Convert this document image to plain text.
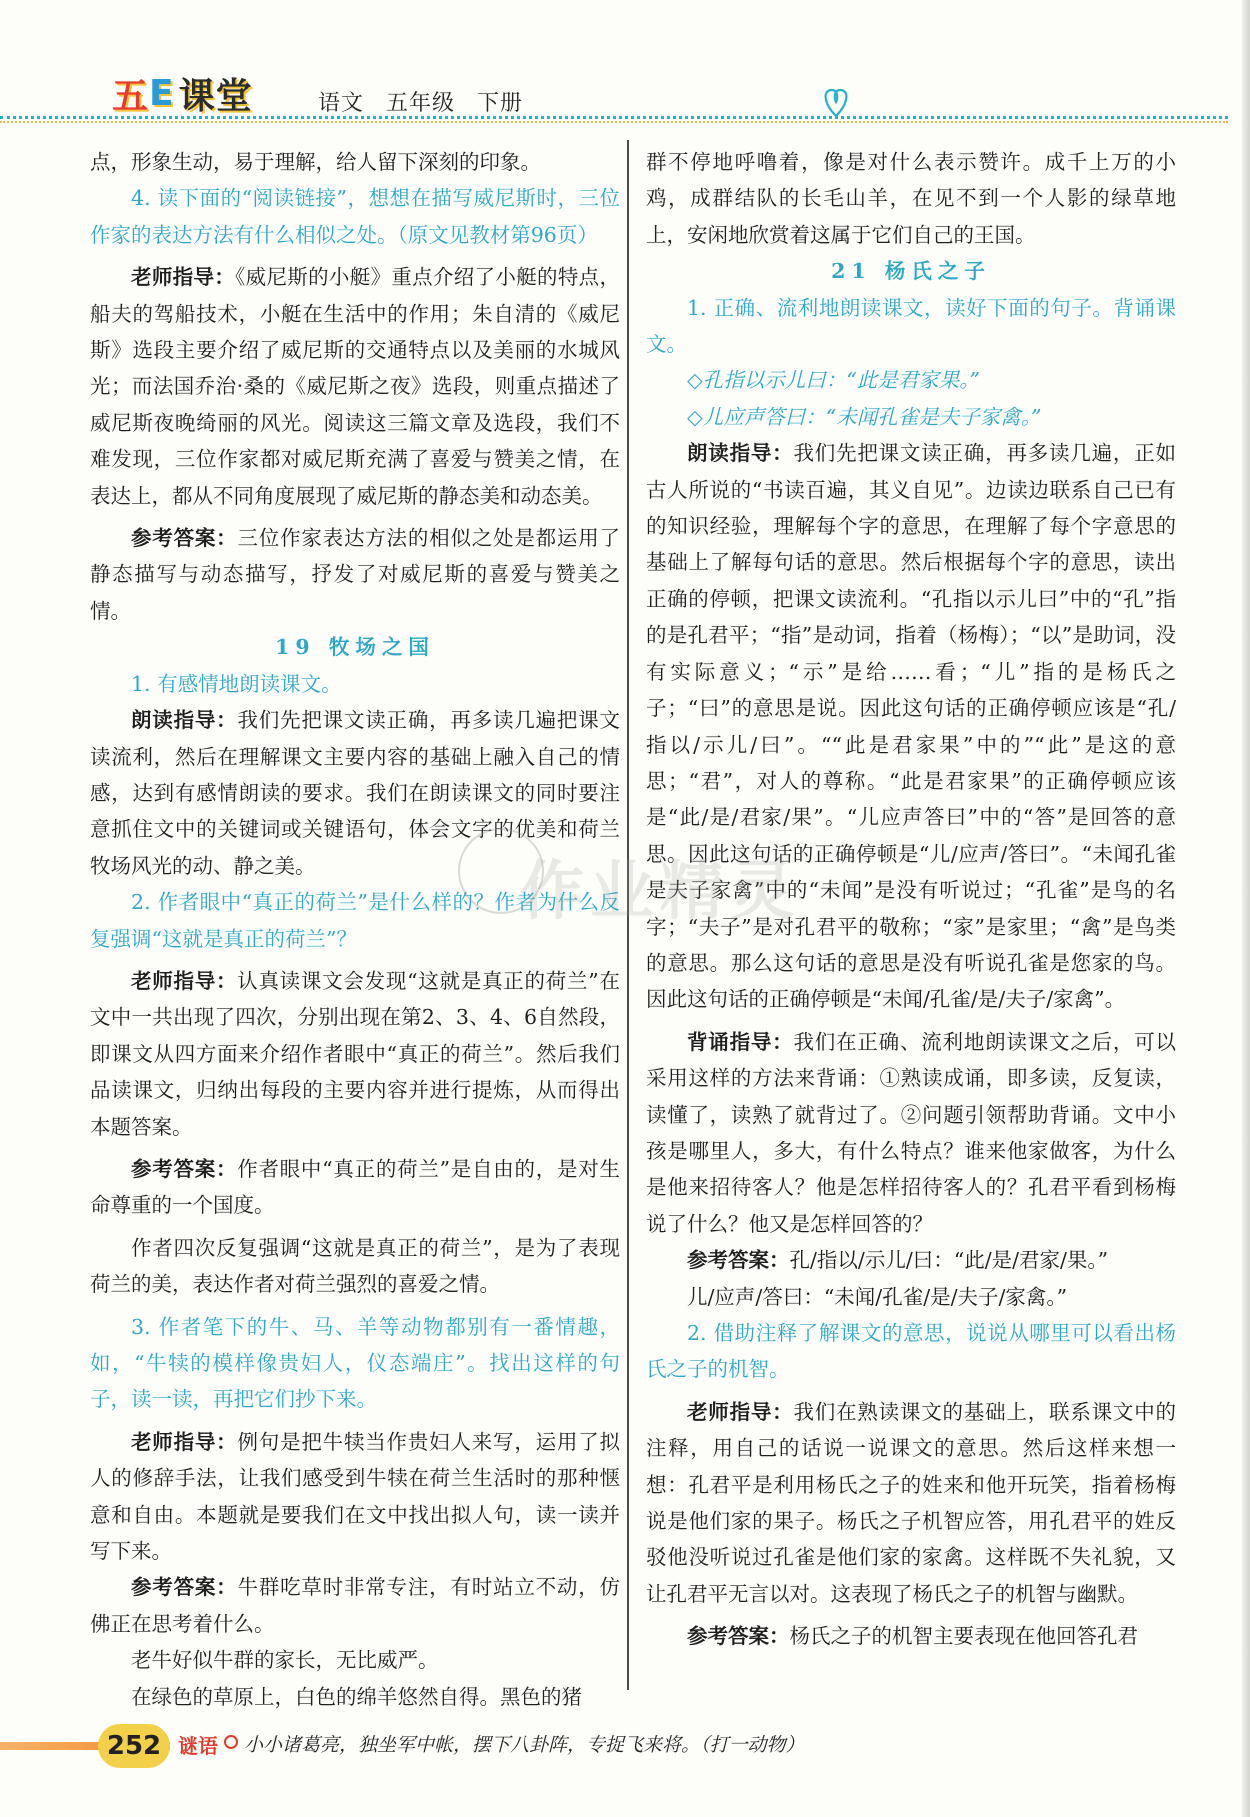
五 E 课堂	语文 五年级 下册

点，形象生动，易于理解，给人留下深刻的印象。

4. 读下面的“阅读链接”，想想在描写威尼斯时，三位作家的表达方法有什么相似之处。（原文见教材第96页）

老师指导：《威尼斯的小艇》重点介绍了小艇的特点，船夫的驾船技术，小艇在生活中的作用；朱自清的《威尼斯》选段主要介绍了威尼斯的交通特点以及美丽的水城风光；而法国乔治·桑的《威尼斯之夜》选段，则重点描述了威尼斯夜晚绮丽的风光。阅读这三篇文章及选段，我们不难发现，三位作家都对威尼斯充满了喜爱与赞美之情，在表达上，都从不同角度展现了威尼斯的静态美和动态美。

参考答案：三位作家表达方法的相似之处是都运用了静态描写与动态描写，抒发了对威尼斯的喜爱与赞美之情。

19 牧场之国

1. 有感情地朗读课文。

朗读指导：我们先把课文读正确，再多读几遍把课文读流利，然后在理解课文主要内容的基础上融入自己的情感，达到有感情朗读的要求。我们在朗读课文的同时要注意抓住文中的关键词或关键语句，体会文字的优美和荷兰牧场风光的动、静之美。

2. 作者眼中“真正的荷兰”是什么样的？作者为什么反复强调“这就是真正的荷兰”？

老师指导：认真读课文会发现“这就是真正的荷兰”在文中一共出现了四次，分别出现在第2、3、4、6自然段，即课文从四方面来介绍作者眼中“真正的荷兰”。然后我们品读课文，归纳出每段的主要内容并进行提炼，从而得出本题答案。

参考答案：作者眼中“真正的荷兰”是自由的，是对生命尊重的一个国度。

作者四次反复强调“这就是真正的荷兰”，是为了表现荷兰的美，表达作者对荷兰强烈的喜爱之情。

3. 作者笔下的牛、马、羊等动物都别有一番情趣，如，“牛犊的模样像贵妇人，仪态端庄”。找出这样的句子，读一读，再把它们抄下来。

老师指导：例句是把牛犊当作贵妇人来写，运用了拟人的修辞手法，让我们感受到牛犊在荷兰生活时的那种惬意和自由。本题就是要我们在文中找出拟人句，读一读并写下来。

参考答案：牛群吃草时非常专注，有时站立不动，仿佛正在思考着什么。

老牛好似牛群的家长，无比威严。

在绿色的草原上，白色的绵羊悠然自得。黑色的猪

群不停地呼噜着，像是对什么表示赞许。成千上万的小鸡，成群结队的长毛山羊，在见不到一个人影的绿草地上，安闲地欣赏着这属于它们自己的王国。

21 杨氏之子

1. 正确、流利地朗读课文，读好下面的句子。背诵课文。

◇孔指以示儿曰：“此是君家果。”

◇儿应声答曰：“未闻孔雀是夫子家禽。”

朗读指导：我们先把课文读正确，再多读几遍，正如古人所说的“书读百遍，其义自见”。边读边联系自己已有的知识经验，理解每个字的意思，在理解了每个字意思的基础上了解每句话的意思。然后根据每个字的意思，读出正确的停顿，把课文读流利。“孔指以示儿曰”中的“孔”指的是孔君平；“指”是动词，指着（杨梅）；“以”是助词，没有实际意义；“示”是给……看；“儿”指的是杨氏之子；“曰”的意思是说。因此这句话的正确停顿应该是“孔/指以/示儿/曰”。““此是君家果”中的”“此”是这的意思；“君”，对人的尊称。“此是君家果”的正确停顿应该是“此/是/君家/果”。“儿应声答曰”中的“答”是回答的意思。因此这句话的正确停顿是“儿/应声/答曰”。“未闻孔雀是夫子家禽”中的“未闻”是没有听说过；“孔雀”是鸟的名字；“夫子”是对孔君平的敬称；“家”是家里；“禽”是鸟类的意思。那么这句话的意思是没有听说孔雀是您家的鸟。因此这句话的正确停顿是“未闻/孔雀/是/夫子/家禽”。

背诵指导：我们在正确、流利地朗读课文之后，可以采用这样的方法来背诵：①熟读成诵，即多读，反复读，读懂了，读熟了就背过了。②问题引领帮助背诵。文中小孩是哪里人，多大，有什么特点？谁来他家做客，为什么是他来招待客人？他是怎样招待客人的？孔君平看到杨梅说了什么？他又是怎样回答的？

参考答案：孔/指以/示儿/曰：“此/是/君家/果。”

儿/应声/答曰：“未闻/孔雀/是/夫子/家禽。”

2. 借助注释了解课文的意思，说说从哪里可以看出杨氏之子的机智。

老师指导：我们在熟读课文的基础上，联系课文中的注释，用自己的话说一说课文的意思。然后这样来想一想：孔君平是利用杨氏之子的姓来和他开玩笑，指着杨梅说是他们家的果子。杨氏之子机智应答，用孔君平的姓反驳他没听说过孔雀是他们家的家禽。这样既不失礼貌，又让孔君平无言以对。这表现了杨氏之子的机智与幽默。

参考答案：杨氏之子的机智主要表现在他回答孔君

作业精灵
252 谜语 小小诸葛亮，独坐军中帐，摆下八卦阵，专捉飞来将。（打一动物）
